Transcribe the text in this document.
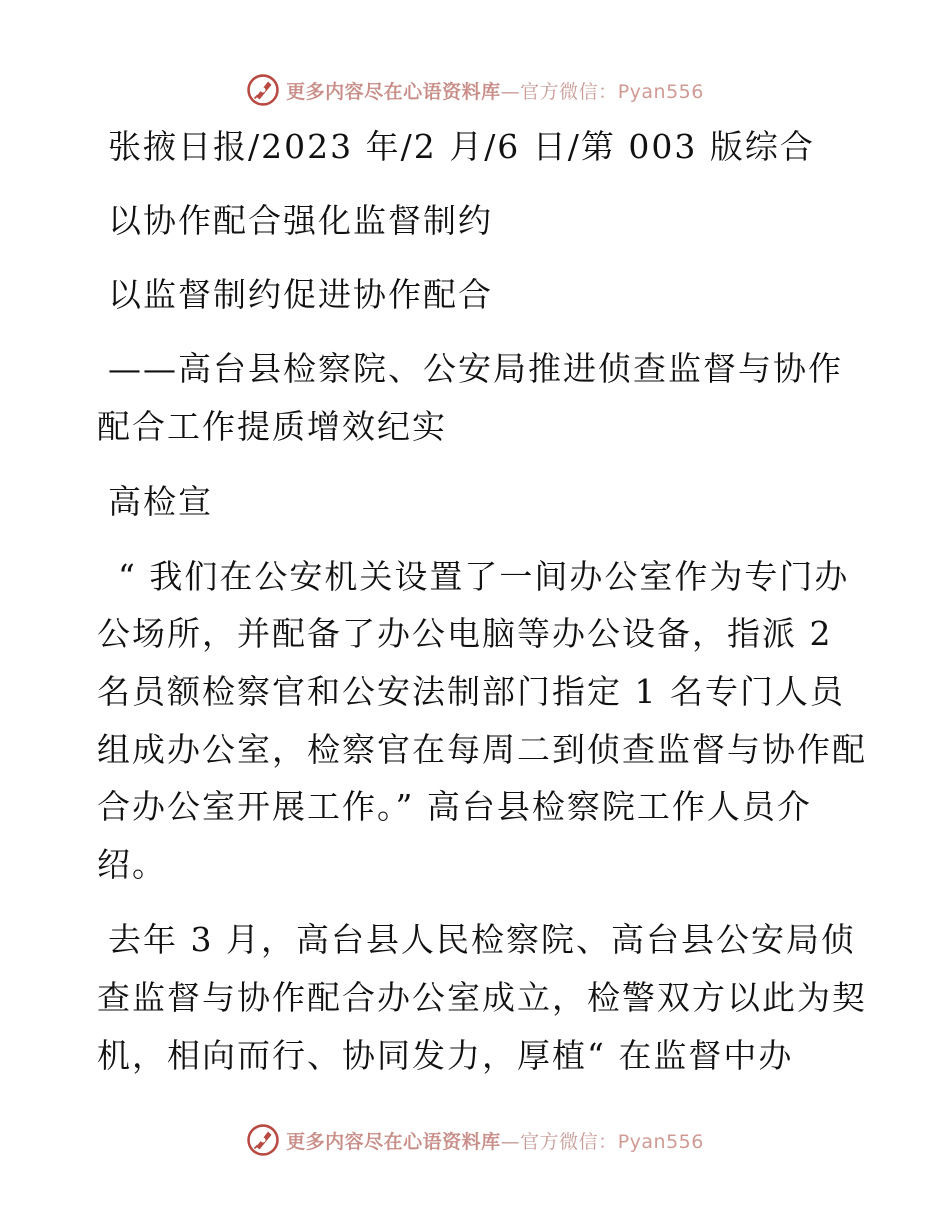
更多内容尽在心语资料库—官方微信：Pyan556
张掖日报/2023 年/2 月/6 日/第 003 版综合
以协作配合强化监督制约
以监督制约促进协作配合
——高台县检察院、公安局推进侦查监督与协作
配合工作提质增效纪实
高检宣
“ 我们在公安机关设置了一间办公室作为专门办
公场所，并配备了办公电脑等办公设备，指派 2
名员额检察官和公安法制部门指定 1 名专门人员
组成办公室，检察官在每周二到侦查监督与协作配
合办公室开展工作。” 高台县检察院工作人员介
绍。
去年 3 月，高台县人民检察院、高台县公安局侦
查监督与协作配合办公室成立，检警双方以此为契
机，相向而行、协同发力，厚植“ 在监督中办
更多内容尽在心语资料库—官方微信：Pyan556
